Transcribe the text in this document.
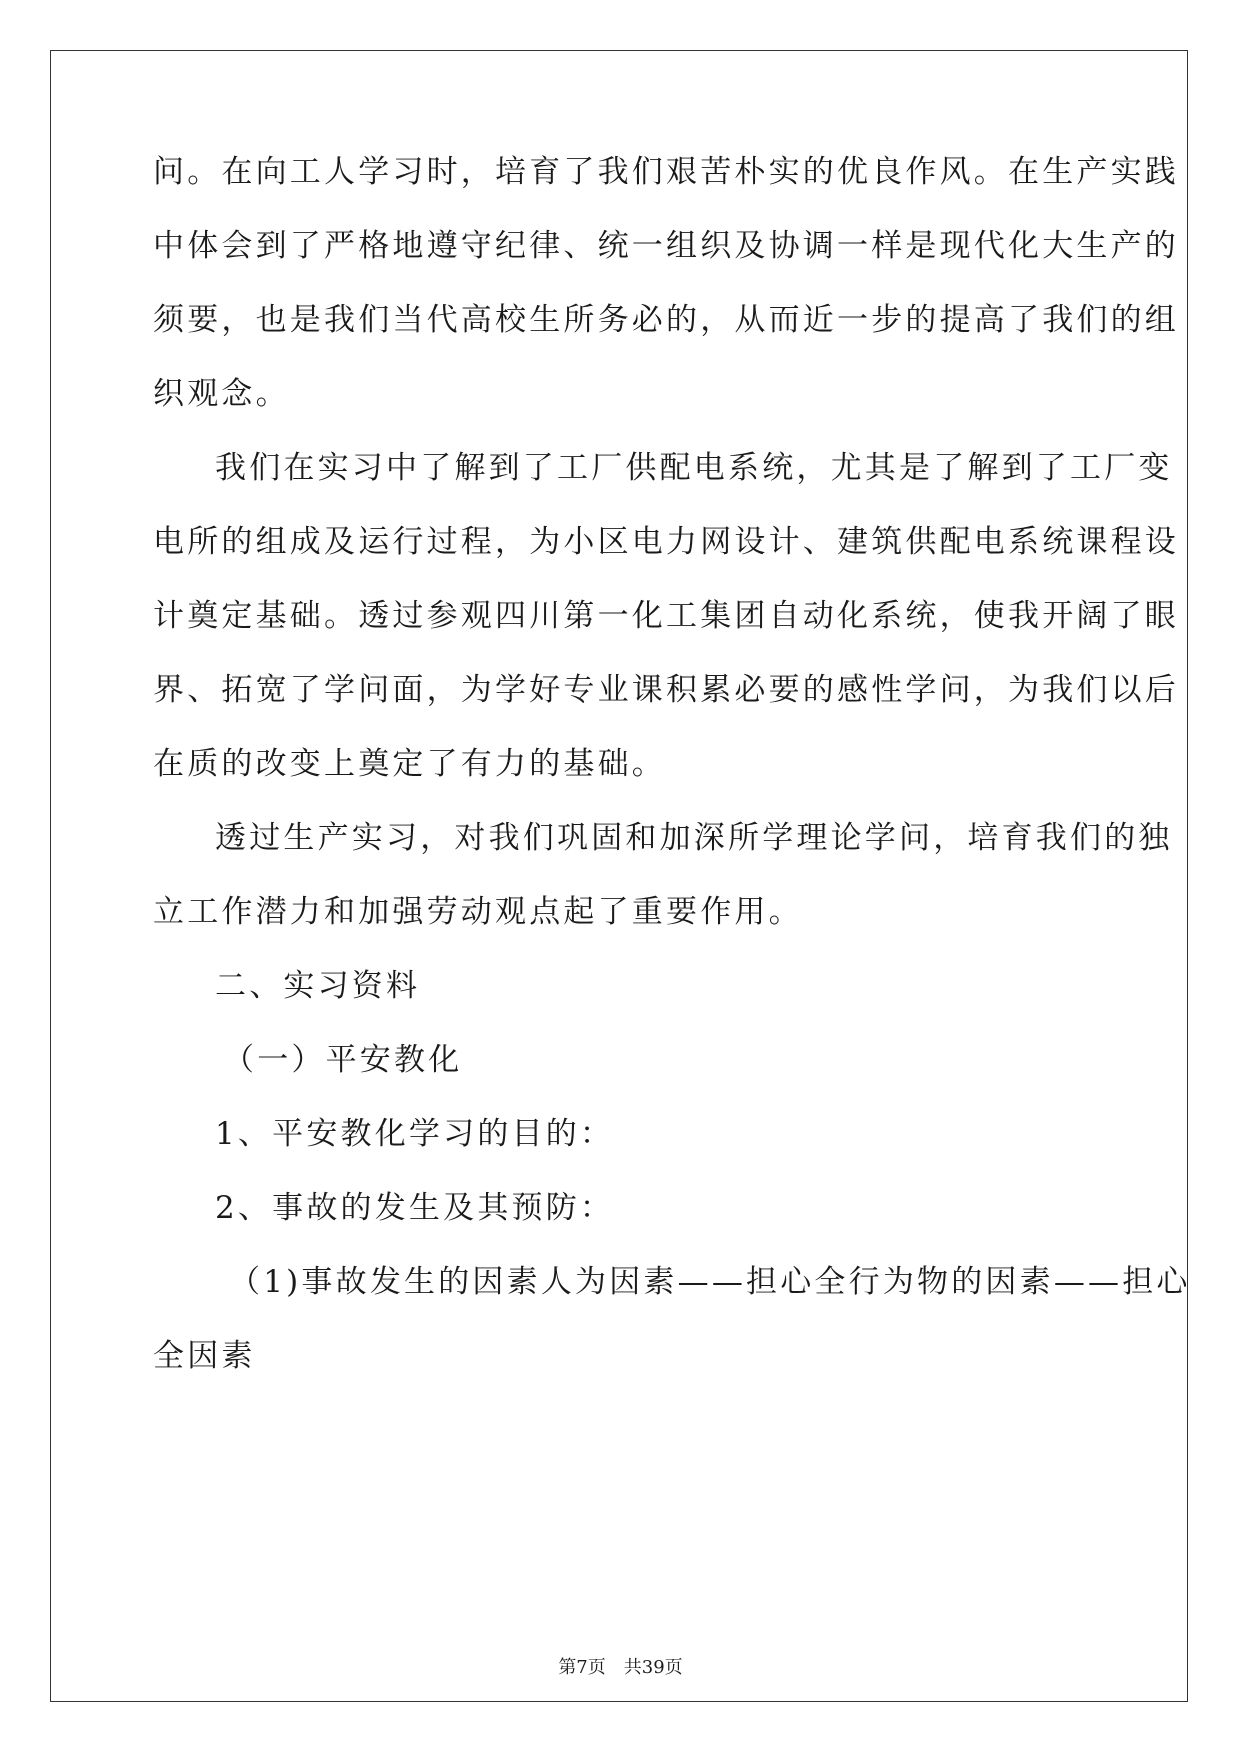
问。在向工人学习时，培育了我们艰苦朴实的优良作风。在生产实践
中体会到了严格地遵守纪律、统一组织及协调一样是现代化大生产的
须要，也是我们当代高校生所务必的，从而近一步的提高了我们的组
织观念。
我们在实习中了解到了工厂供配电系统，尤其是了解到了工厂变
电所的组成及运行过程，为小区电力网设计、建筑供配电系统课程设
计奠定基础。透过参观四川第一化工集团自动化系统，使我开阔了眼
界、拓宽了学问面，为学好专业课积累必要的感性学问，为我们以后
在质的改变上奠定了有力的基础。
透过生产实习，对我们巩固和加深所学理论学问，培育我们的独
立工作潜力和加强劳动观点起了重要作用。
二、实习资料
（一）平安教化
1、平安教化学习的目的：
2、事故的发生及其预防：
（1)事故发生的因素人为因素——担心全行为物的因素——担心
全因素
第7页 共39页
